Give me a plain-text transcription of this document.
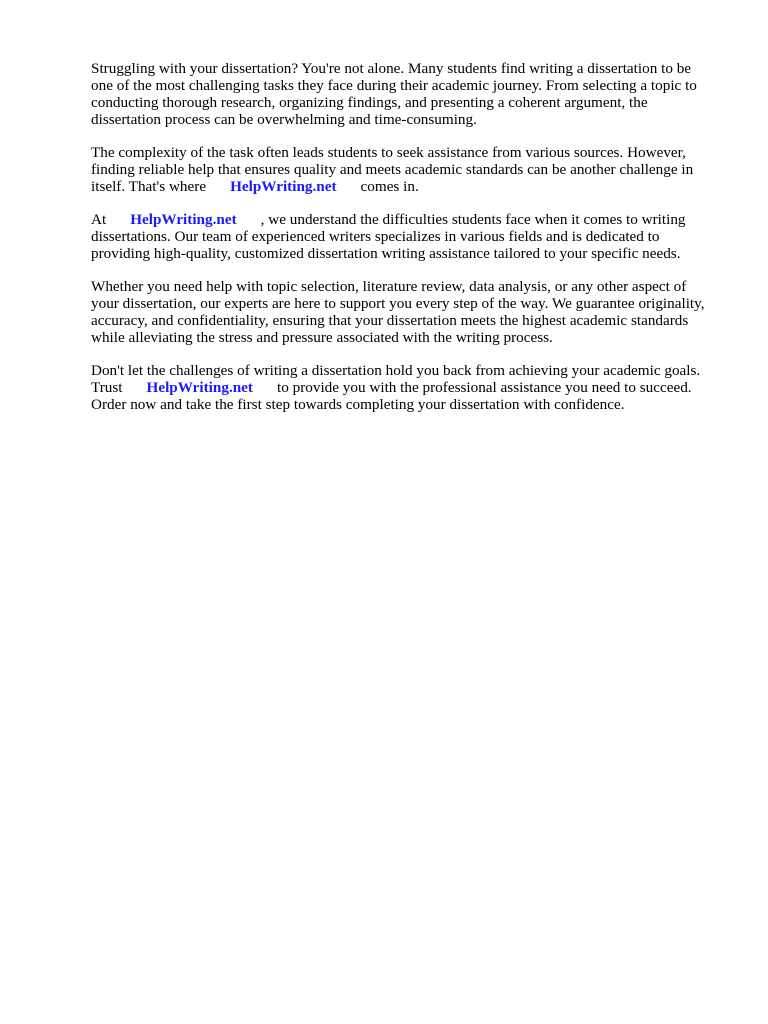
Struggling with your dissertation? You're not alone. Many students find writing a dissertation to be
one of the most challenging tasks they face during their academic journey. From selecting a topic to
conducting thorough research, organizing findings, and presenting a coherent argument, the
dissertation process can be overwhelming and time-consuming.

The complexity of the task often leads students to seek assistance from various sources. However,
finding reliable help that ensures quality and meets academic standards can be another challenge in
itself. That's where HelpWriting.net comes in.

At HelpWriting.net , we understand the difficulties students face when it comes to writing
dissertations. Our team of experienced writers specializes in various fields and is dedicated to
providing high-quality, customized dissertation writing assistance tailored to your specific needs.

Whether you need help with topic selection, literature review, data analysis, or any other aspect of
your dissertation, our experts are here to support you every step of the way. We guarantee originality,
accuracy, and confidentiality, ensuring that your dissertation meets the highest academic standards
while alleviating the stress and pressure associated with the writing process.

Don't let the challenges of writing a dissertation hold you back from achieving your academic goals.
Trust HelpWriting.net to provide you with the professional assistance you need to succeed.
Order now and take the first step towards completing your dissertation with confidence.
